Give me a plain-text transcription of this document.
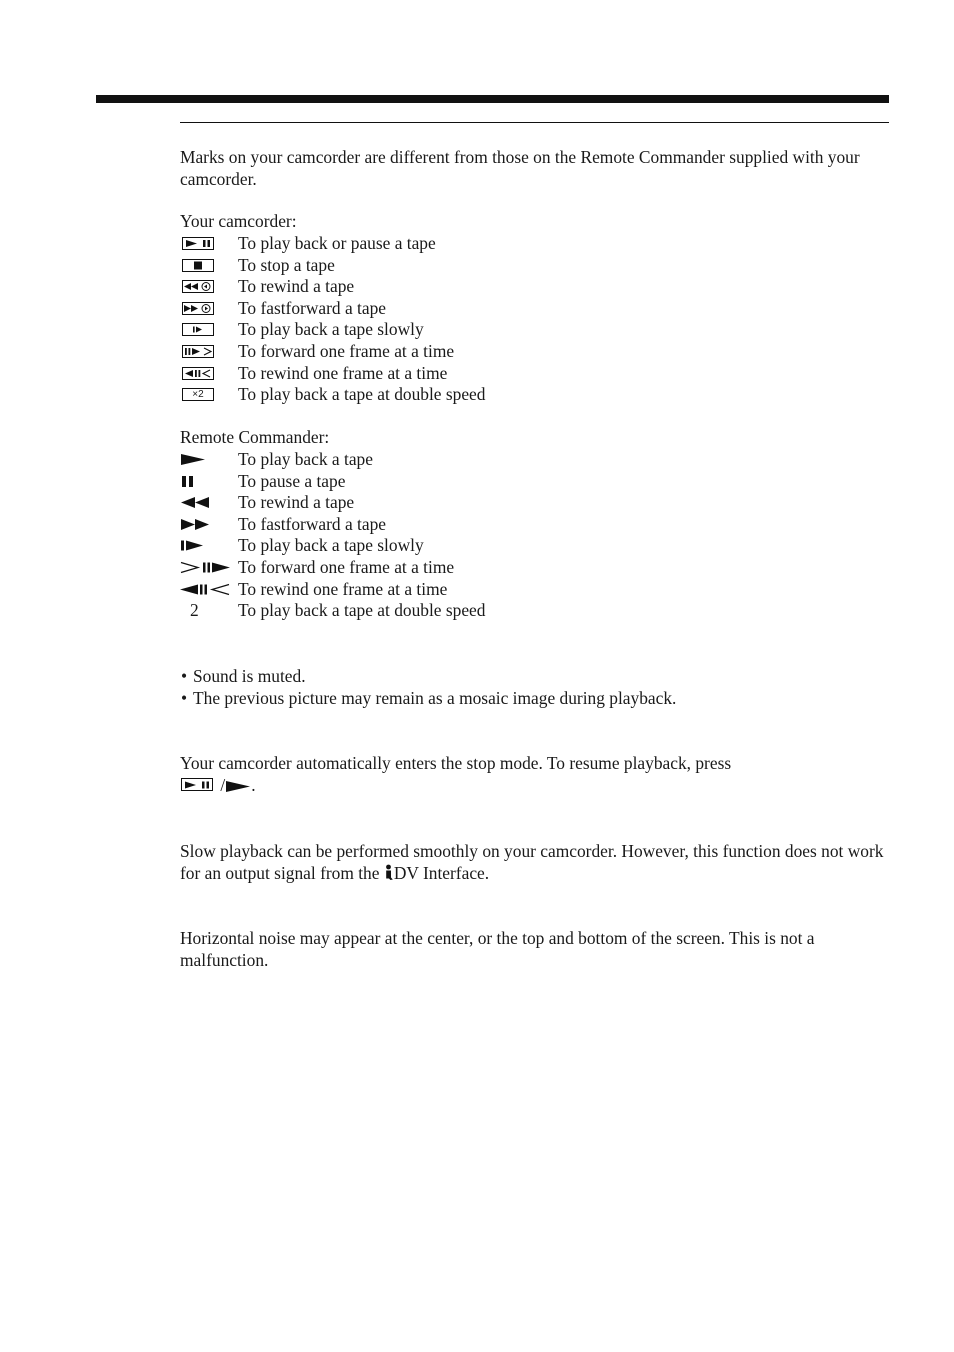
Marks on your camcorder are different from those on the Remote Commander supplied with your camcorder.

Your camcorder:

To play back or pause a tape
To stop a tape
To rewind a tape
To fastforward a tape
To play back a tape slowly
To forward one frame at a time
To rewind one frame at a time
×2	To play back a tape at double speed

Remote Commander:

To play back a tape
To pause a tape
To rewind a tape
To fastforward a tape
To play back a tape slowly
To forward one frame at a time
To rewind one frame at a time
2 To play back a tape at double speed
• Sound is muted.
• The previous picture may remain as a mosaic image during playback.

Your camcorder automatically enters the stop mode. To resume playback, press

/ .

Slow playback can be performed smoothly on your camcorder. However, this function does not work for an output signal from the DV Interface.

Horizontal noise may appear at the center, or the top and bottom of the screen. This is not a malfunction.
